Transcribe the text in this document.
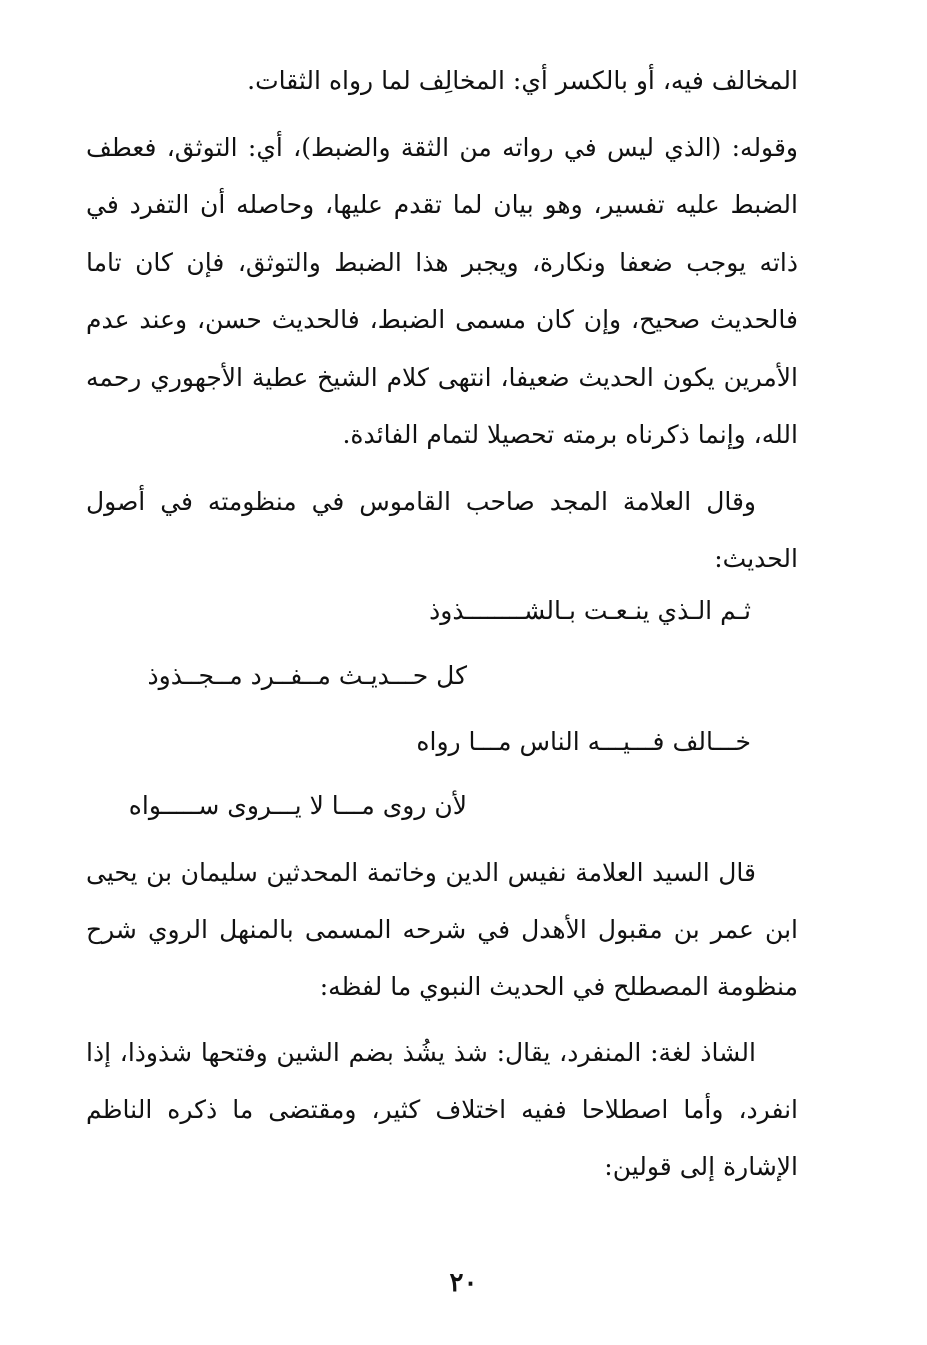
المخالف فيه، أو بالكسر أي: المخالِف لما رواه الثقات.

وقوله: (الذي ليس في رواته من الثقة والضبط)، أي: التوثق، فعطف الضبط عليه تفسير، وهو بيان لما تقدم عليها، وحاصله أن التفرد في ذاته يوجب ضعفا ونكارة، ويجبر هذا الضبط والتوثق، فإن كان تاما فالحديث صحيح، وإن كان مسمى الضبط، فالحديث حسن، وعند عدم الأمرين يكون الحديث ضعيفا، انتهى كلام الشيخ عطية الأجهوري رحمه الله، وإنما ذكرناه برمته تحصيلا لتمام الفائدة.

وقال العلامة المجد صاحب القاموس في منظومته في أصول الحديث:

ثـم الـذي ينـعـت بـالشــــــــذوذ
كل حـــديـث مــفــرد مــجــذوذ
خـــالف فـــيـــه الناس مـــا رواه
لأن روى مـــا لا يـــروى ســـــواه

قال السيد العلامة نفيس الدين وخاتمة المحدثين سليمان بن يحيى ابن عمر بن مقبول الأهدل في شرحه المسمى بالمنهل الروي شرح منظومة المصطلح في الحديث النبوي ما لفظه:

الشاذ لغة: المنفرد، يقال: شذ يشُذ بضم الشين وفتحها شذوذا، إذا انفرد، وأما اصطلاحا ففيه اختلاف كثير، ومقتضى ما ذكره الناظم الإشارة إلى قولين:

٢٠
